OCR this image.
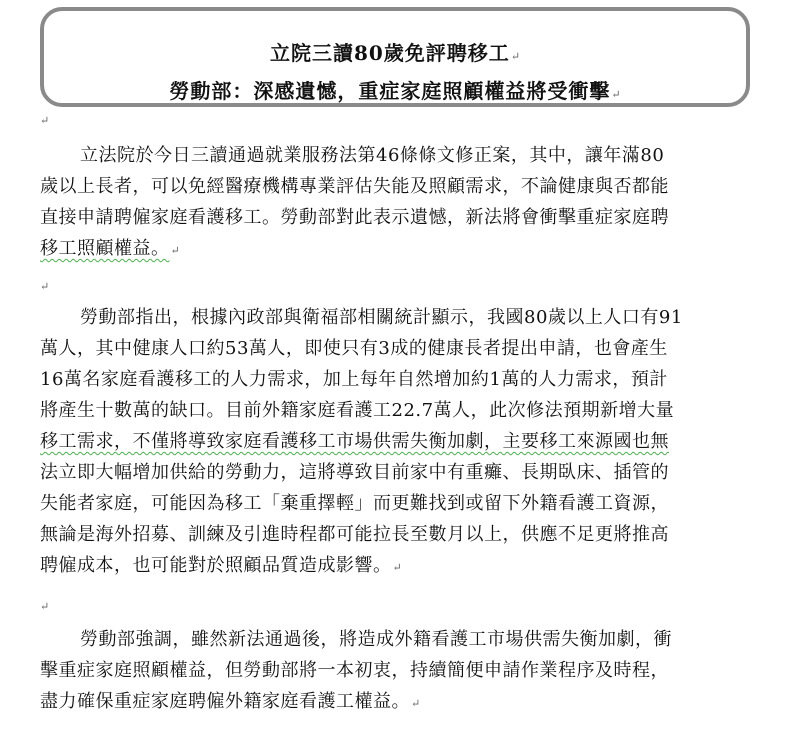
立院三讀80歲免評聘移工↵
勞動部：深感遺憾，重症家庭照顧權益將受衝擊↵
↵
立法院於今日三讀通過就業服務法第46條條文修正案，其中，讓年滿80
歲以上長者，可以免經醫療機構專業評估失能及照顧需求，不論健康與否都能
直接申請聘僱家庭看護移工。勞動部對此表示遺憾，新法將會衝擊重症家庭聘
移工照顧權益。↵
↵
勞動部指出，根據內政部與衛福部相關統計顯示，我國80歲以上人口有91
萬人，其中健康人口約53萬人，即使只有3成的健康長者提出申請，也會產生
16萬名家庭看護移工的人力需求，加上每年自然增加約1萬的人力需求，預計
將產生十數萬的缺口。目前外籍家庭看護工22.7萬人，此次修法預期新增大量
移工需求，不僅將導致家庭看護移工市場供需失衡加劇，主要移工來源國也無
法立即大幅增加供給的勞動力，這將導致目前家中有重癱、長期臥床、插管的
失能者家庭，可能因為移工「棄重擇輕」而更難找到或留下外籍看護工資源，
無論是海外招募、訓練及引進時程都可能拉長至數月以上，供應不足更將推高
聘僱成本，也可能對於照顧品質造成影響。↵
↵
勞動部強調，雖然新法通過後，將造成外籍看護工市場供需失衡加劇，衝
擊重症家庭照顧權益，但勞動部將一本初衷，持續簡便申請作業程序及時程，
盡力確保重症家庭聘僱外籍家庭看護工權益。↵
